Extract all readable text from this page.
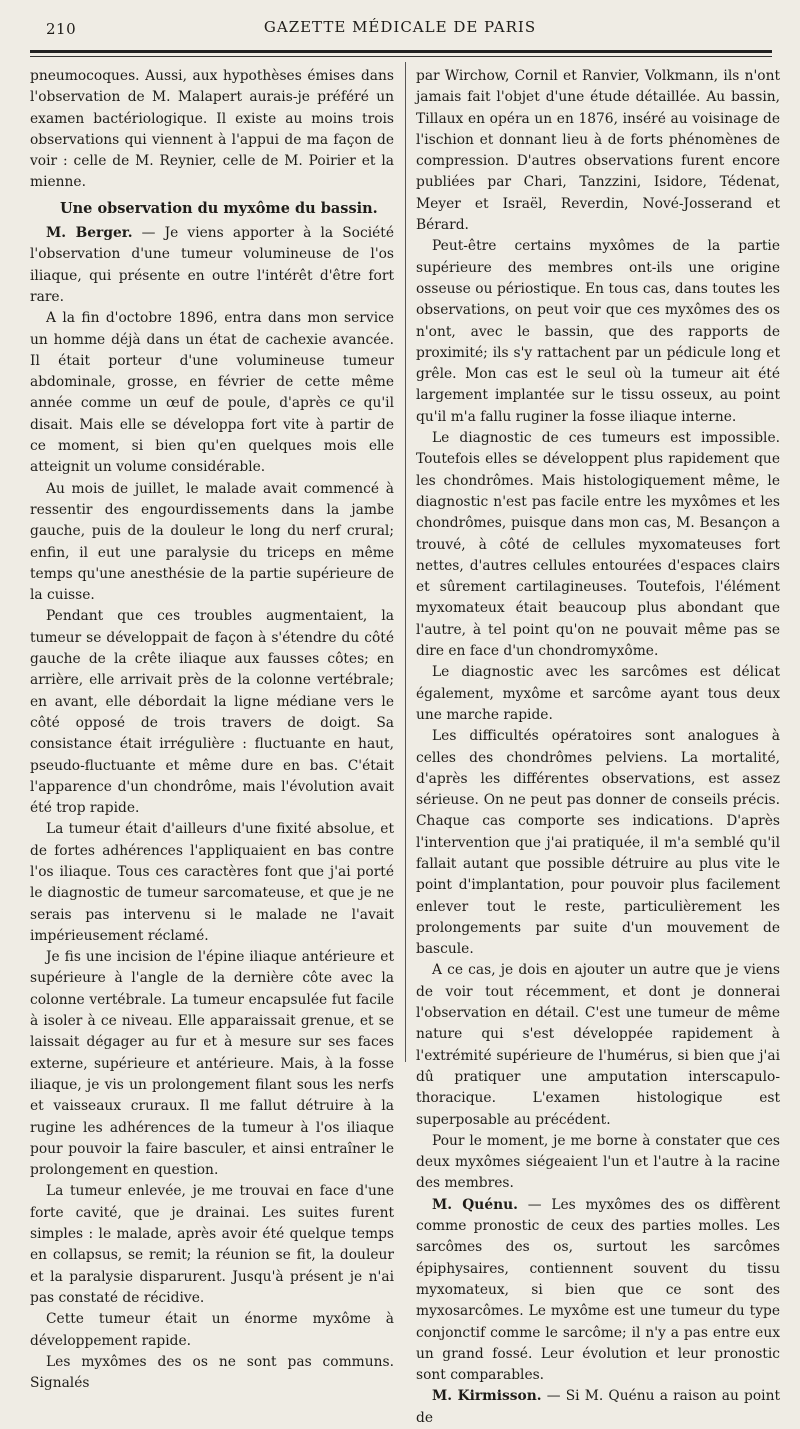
210	GAZETTE MÉDICALE DE PARIS

pneumocoques. Aussi, aux hypothèses émises dans l'observation de M. Malapert aurais-je préféré un examen bactériologique. Il existe au moins trois observations qui viennent à l'appui de ma façon de voir : celle de M. Reynier, celle de M. Poirier et la mienne.

Une observation du myxôme du bassin.

M. Berger. — Je viens apporter à la Société l'observation d'une tumeur volumineuse de l'os iliaque, qui présente en outre l'intérêt d'être fort rare.

A la fin d'octobre 1896, entra dans mon service un homme déjà dans un état de cachexie avancée. Il était porteur d'une volumineuse tumeur abdominale, grosse, en février de cette même année comme un œuf de poule, d'après ce qu'il disait. Mais elle se développa fort vite à partir de ce moment, si bien qu'en quelques mois elle atteignit un volume considérable.

Au mois de juillet, le malade avait commencé à ressentir des engourdissements dans la jambe gauche, puis de la douleur le long du nerf crural; enfin, il eut une paralysie du triceps en même temps qu'une anesthésie de la partie supérieure de la cuisse.

Pendant que ces troubles augmentaient, la tumeur se développait de façon à s'étendre du côté gauche de la crête iliaque aux fausses côtes; en arrière, elle arrivait près de la colonne vertébrale; en avant, elle débordait la ligne médiane vers le côté opposé de trois travers de doigt. Sa consistance était irrégulière : fluctuante en haut, pseudo-fluctuante et même dure en bas. C'était l'apparence d'un chondrôme, mais l'évolution avait été trop rapide.

La tumeur était d'ailleurs d'une fixité absolue, et de fortes adhérences l'appliquaient en bas contre l'os iliaque. Tous ces caractères font que j'ai porté le diagnostic de tumeur sarcomateuse, et que je ne serais pas intervenu si le malade ne l'avait impérieusement réclamé.

Je fis une incision de l'épine iliaque antérieure et supérieure à l'angle de la dernière côte avec la colonne vertébrale. La tumeur encapsulée fut facile à isoler à ce niveau. Elle apparaissait grenue, et se laissait dégager au fur et à mesure sur ses faces externe, supérieure et antérieure. Mais, à la fosse iliaque, je vis un prolongement filant sous les nerfs et vaisseaux cruraux. Il me fallut détruire à la rugine les adhérences de la tumeur à l'os iliaque pour pouvoir la faire basculer, et ainsi entraîner le prolongement en question.

La tumeur enlevée, je me trouvai en face d'une forte cavité, que je drainai. Les suites furent simples : le malade, après avoir été quelque temps en collapsus, se remit; la réunion se fit, la douleur et la paralysie disparurent. Jusqu'à présent je n'ai pas constaté de récidive.

Cette tumeur était un énorme myxôme à développement rapide.

Les myxômes des os ne sont pas communs. Signalés

par Wirchow, Cornil et Ranvier, Volkmann, ils n'ont jamais fait l'objet d'une étude détaillée. Au bassin, Tillaux en opéra un en 1876, inséré au voisinage de l'ischion et donnant lieu à de forts phénomènes de compression. D'autres observations furent encore publiées par Chari, Tanzzini, Isidore, Tédenat, Meyer et Israël, Reverdin, Nové-Josserand et Bérard.

Peut-être certains myxômes de la partie supérieure des membres ont-ils une origine osseuse ou périostique. En tous cas, dans toutes les observations, on peut voir que ces myxômes des os n'ont, avec le bassin, que des rapports de proximité; ils s'y rattachent par un pédicule long et grêle. Mon cas est le seul où la tumeur ait été largement implantée sur le tissu osseux, au point qu'il m'a fallu ruginer la fosse iliaque interne.

Le diagnostic de ces tumeurs est impossible. Toutefois elles se développent plus rapidement que les chondrômes. Mais histologiquement même, le diagnostic n'est pas facile entre les myxômes et les chondrômes, puisque dans mon cas, M. Besançon a trouvé, à côté de cellules myxomateuses fort nettes, d'autres cellules entourées d'espaces clairs et sûrement cartilagineuses. Toutefois, l'élément myxomateux était beaucoup plus abondant que l'autre, à tel point qu'on ne pouvait même pas se dire en face d'un chondromyxôme.

Le diagnostic avec les sarcômes est délicat également, myxôme et sarcôme ayant tous deux une marche rapide.

Les difficultés opératoires sont analogues à celles des chondrômes pelviens. La mortalité, d'après les différentes observations, est assez sérieuse. On ne peut pas donner de conseils précis. Chaque cas comporte ses indications. D'après l'intervention que j'ai pratiquée, il m'a semblé qu'il fallait autant que possible détruire au plus vite le point d'implantation, pour pouvoir plus facilement enlever tout le reste, particulièrement les prolongements par suite d'un mouvement de bascule.

A ce cas, je dois en ajouter un autre que je viens de voir tout récemment, et dont je donnerai l'observation en détail. C'est une tumeur de même nature qui s'est développée rapidement à l'extrémité supérieure de l'humérus, si bien que j'ai dû pratiquer une amputation interscapulo-thoracique. L'examen histologique est superposable au précédent.

Pour le moment, je me borne à constater que ces deux myxômes siégeaient l'un et l'autre à la racine des membres.

M. Quénu. — Les myxômes des os diffèrent comme pronostic de ceux des parties molles. Les sarcômes des os, surtout les sarcômes épiphysaires, contiennent souvent du tissu myxomateux, si bien que ce sont des myxosarcômes. Le myxôme est une tumeur du type conjonctif comme le sarcôme; il n'y a pas entre eux un grand fossé. Leur évolution et leur pronostic sont comparables.

M. Kirmisson. — Si M. Quénu a raison au point de
